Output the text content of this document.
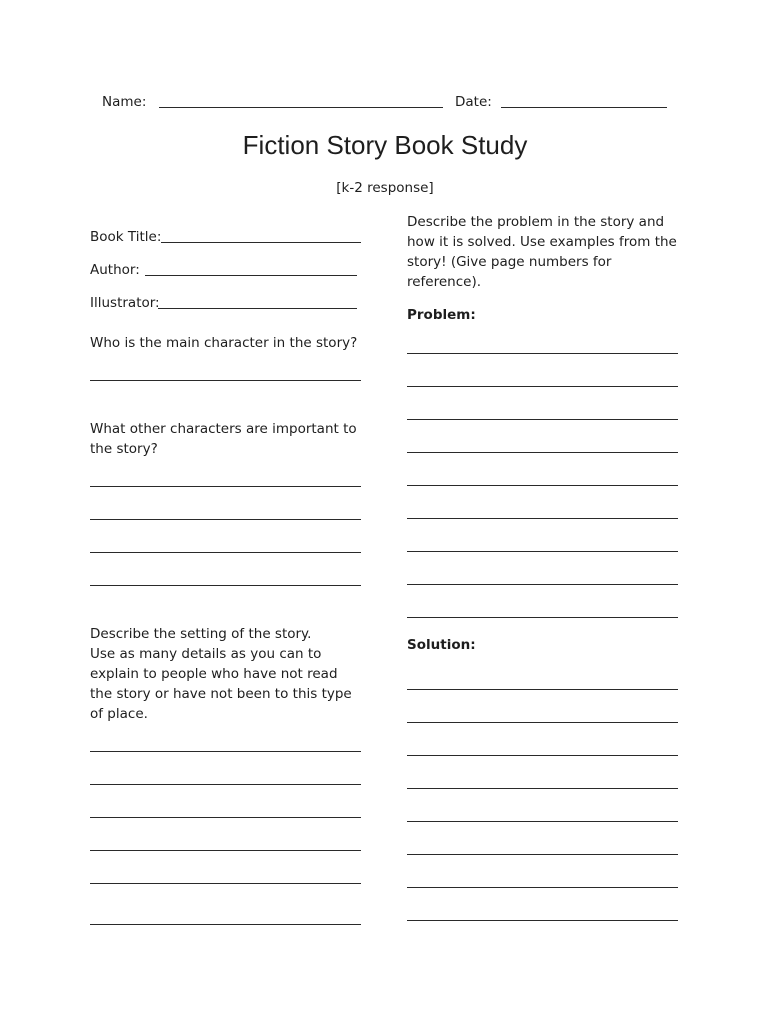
Name:	Date:
Fiction Story Book Study
[k-2 response]
Book Title:
Author:
Illustrator:
Who is the main character in the story?
What other characters are important to
the story?
Describe the setting of the story.
Use as many details as you can to
explain to people who have not read
the story or have not been to this type
of place.
Describe the problem in the story and
how it is solved. Use examples from the
story! (Give page numbers for
reference).
Problem:
Solution:
